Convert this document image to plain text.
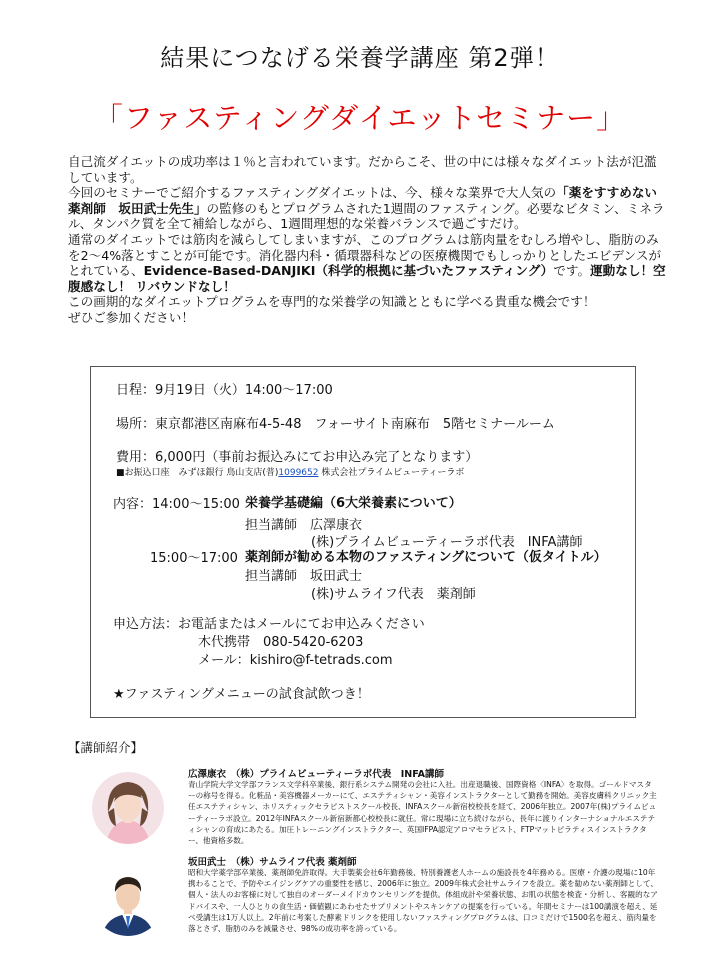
結果につなげる栄養学講座 第2弾！
「ファスティングダイエットセミナー」

自己流ダイエットの成功率は１％と言われています。だからこそ、世の中には様々なダイエット法が氾濫しています。

今回のセミナーでご紹介するファスティングダイエットは、今、様々な業界で大人気の「薬をすすめない薬剤師　坂田武士先生」の監修のもとプログラムされた1週間のファスティング。必要なビタミン、ミネラル、タンパク質を全て補給しながら、1週間理想的な栄養バランスで過ごすだけ。

通常のダイエットでは筋肉を減らしてしまいますが、このプログラムは筋肉量をむしろ増やし、脂肪のみを2～4%落とすことが可能です。消化器内科・循環器科などの医療機関でもしっかりとしたエビデンスがとれている、Evidence‐Based‐DANJIKI（科学的根拠に基づいたファスティング）です。運動なし！空腹感なし！ リバウンドなし！

この画期的なダイエットプログラムを専門的な栄養学の知識とともに学べる貴重な機会です！

ぜひご参加ください！

日程：9月19日（火）14:00～17:00
場所：東京都港区南麻布4-5-48　フォーサイト南麻布　5階セミナールーム
費用：6,000円（事前お振込みにてお申込み完了となります）
■お振込口座　みずほ銀行 鳥山支店(普)1099652 株式会社プライムビューティーラボ
内容：14:00～15:00 栄養学基礎編（6大栄養素について）
担当講師　広澤康衣
(株)プライムビューティーラボ代表　INFA講師
15:00～17:00 薬剤師が勧める本物のファスティングについて（仮タイトル）
担当講師　坂田武士
(株)サムライフ代表　薬剤師
申込方法：お電話またはメールにてお申込みください
木代携帯　080-5420-6203
メール：kishiro@f-tetrads.com
★ファスティングメニューの試食試飲つき！
【講師紹介】
広澤康衣　（株）プライムビューティーラボ代表　INFA講師
青山学院大学文学部フランス文学科卒業後、銀行系システム開発の会社に入社。出産退職後、国際資格〈INFA〉を取得。ゴールドマスターの称号を得る。化粧品・美容機器メーカーにて、エステティシャン・美容インストラクターとして勤務を開始。美容皮膚科クリニック主任エステティシャン、ホリスティックセラピストスクール校長、INFAスクール新宿校校長を経て、2006年独立。2007年(株)プライムビューティーラボ設立。2012年INFAスクール新宿新都心校校長に就任。常に現場に立ち続けながら、長年に渡りインターナショナルエステティシャンの育成にあたる。加圧トレーニングインストラクター、英国IFPA認定アロマセラピスト、FTPマットピラティスインストラクター、他資格多数。
坂田武士　（株）サムライフ代表 薬剤師
昭和大学薬学部卒業後、薬剤師免許取得。大手製薬会社6年勤務後、特別養護老人ホームの施設長を4年務める。医療・介護の現場に10年携わることで、予防やエイジングケアの重要性を感じ、2006年に独立。2009年株式会社サムライフを設立。薬を勧めない薬剤師として、個人・法人のお客様に対して独自のオーダーメイドカウンセリングを提供。体組成計や栄養状態、お肌の状態を検査・分析し、客観的なアドバイスや、一人ひとりの食生活・価値観にあわせたサプリメントやスキンケアの提案を行っている。年間セミナーは100講演を超え、延べ受講生は1万人以上。2年前に考案した酵素ドリンクを使用しないファスティングプログラムは、口コミだけで1500名を超え、筋肉量を落とさず、脂肪のみを減量させ、98%の成功率を誇っている。
